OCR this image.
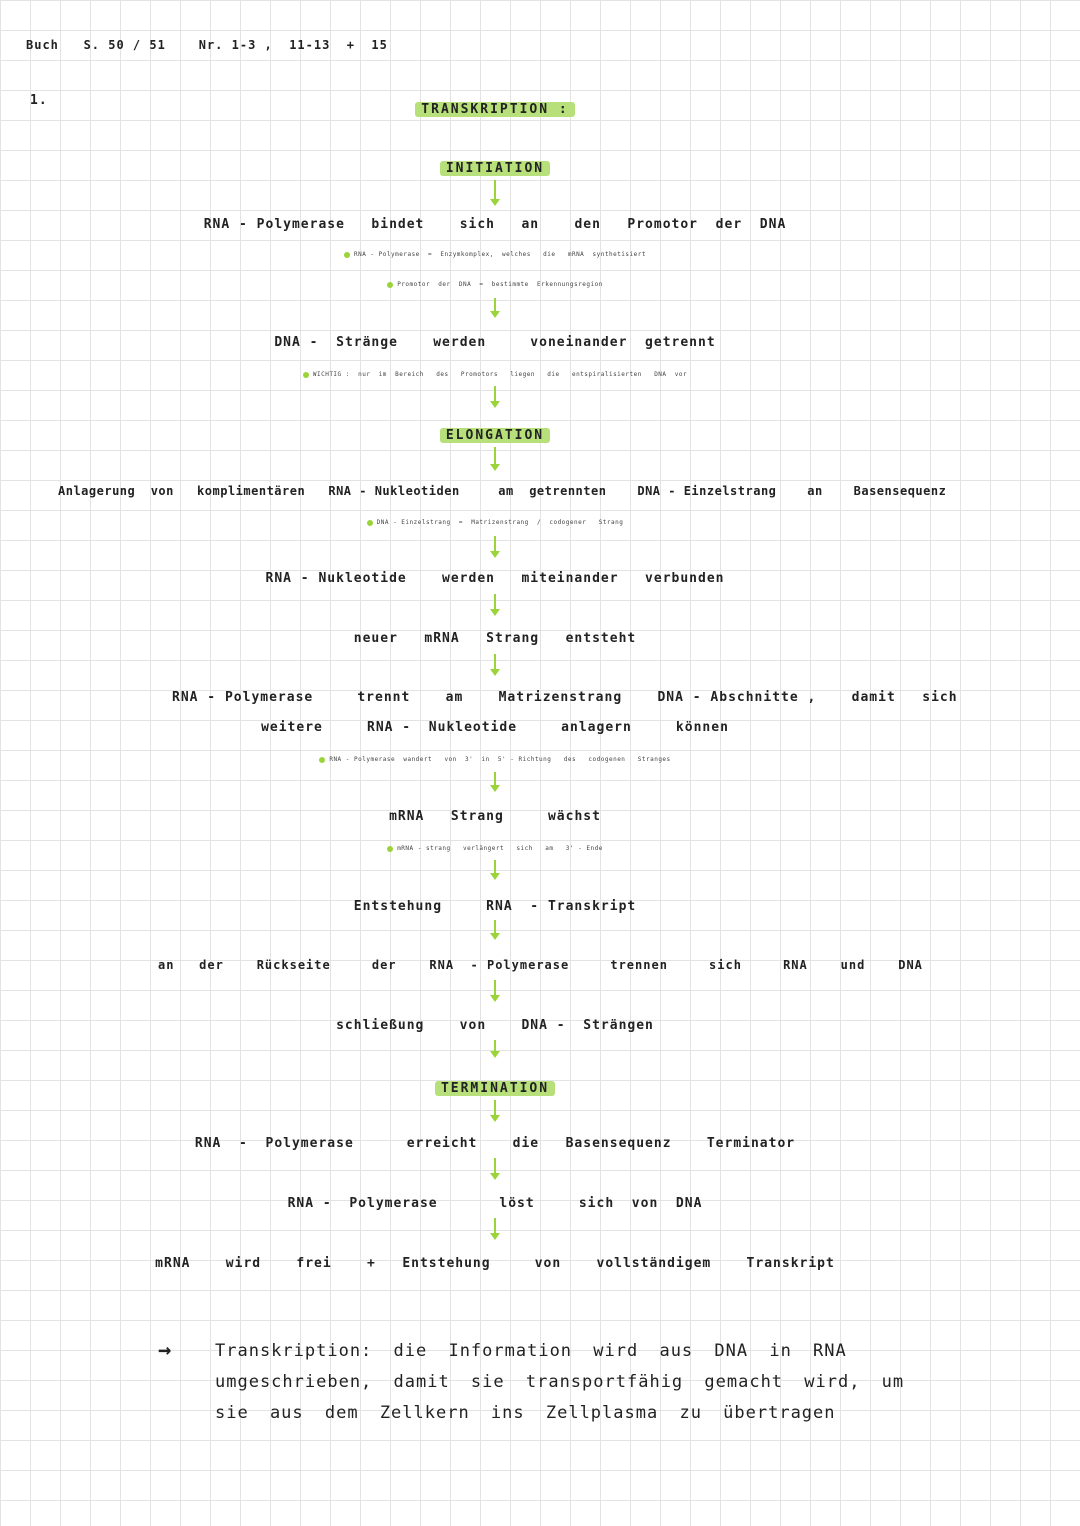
Buch   S. 50 / 51    Nr. 1-3 ,  11-13  +  15
1.
TRANSKRIPTION :
INITIATION
RNA - Polymerase   bindet    sich   an    den   Promotor  der  DNA
RNA - Polymerase  =  Enzymkomplex,  welches   die   mRNA  synthetisiert
Promotor  der  DNA  =  bestimmte  Erkennungsregion
DNA -  Stränge    werden     voneinander  getrennt
WICHTIG :  nur  im  Bereich   des   Promotors   liegen   die   entspiralisierten   DNA  vor
ELONGATION
Anlagerung  von   komplimentären   RNA - Nukleotiden     am  getrennten    DNA - Einzelstrang    an    Basensequenz
DNA - Einzelstrang  =  Matrizenstrang  /  codogener   Strang
RNA - Nukleotide    werden   miteinander   verbunden
neuer   mRNA   Strang   entsteht
RNA - Polymerase     trennt    am    Matrizenstrang    DNA - Abschnitte ,    damit   sich
weitere     RNA -  Nukleotide     anlagern     können
RNA - Polymerase  wandert   von  3'  in  5' - Richtung   des   codogenen   Stranges
mRNA   Strang     wächst
mRNA - strang   verlängert   sich   am   3' - Ende
Entstehung     RNA  - Transkript
an   der    Rückseite     der    RNA  - Polymerase     trennen     sich     RNA    und    DNA
schließung    von    DNA -  Strängen
TERMINATION
RNA  -  Polymerase      erreicht    die   Basensequenz    Terminator
RNA -  Polymerase       löst     sich  von  DNA
mRNA    wird    frei    +   Entstehung     von    vollständigem    Transkript
→	Transkription: die Information wird aus DNA in RNA umgeschrieben, damit sie transportfähig gemacht wird, um sie aus dem Zellkern ins Zellplasma zu übertragen
